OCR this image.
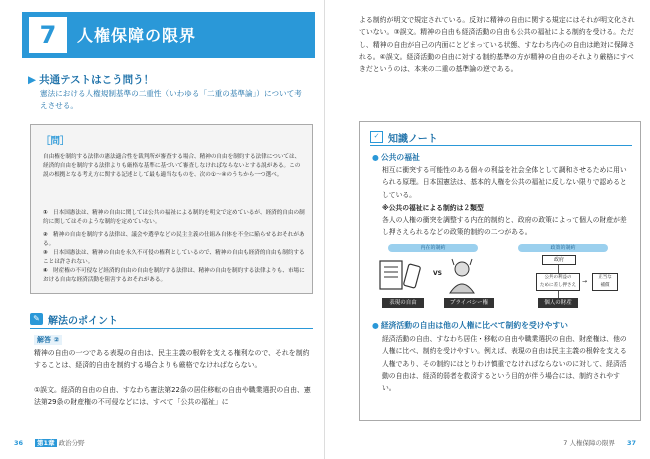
7	人権保障の限界
▶ 共通テストはこう問う！
憲法における人権規制基準の二重性（いわゆる「二重の基準論」）について考えさせる。
［問］
自由権を制約する法律の憲法適合性を裁判所が審査する場合、精神の自由を制約する法律については、経済的自由を制約する法律よりも厳格な基準に基づいて審査しなければならないとする説がある。この説の根拠となる考え方に関する記述として最も適当なものを、次の①～④のうちから一つ選べ。
① 日本国憲法は、精神の自由に関しては公共の福祉による制約を明文で定めているが、経済的自由の制約に関してはそのような制約を定めていない。
② 精神の自由を制約する法律は、議会や選挙などの民主主義の仕組み自体を不全に陥らせるおそれがある。
③ 日本国憲法は、精神の自由を永久不可侵の権利としているので、精神の自由も経済的自由も制約することは許されない。
④ 財産権の不可侵など経済的自由の自由を制約する法律は、精神の自由を制約する法律よりも、市場における自由な経済活動を阻害するおそれがある。
✎ 解法のポイント
解答 ②
精神の自由の一つである表現の自由は、民主主義の根幹を支える権利なので、それを制約することは、経済的自由を制約する場合よりも厳格でなければならない。
①誤文。経済的自由の自由、すなわち憲法第22条の居住移転の自由や職業選択の自由、憲法第29条の財産権の不可侵などには、すべて「公共の福祉」に
36 第1章 政治分野
よる制約が明文で規定されている。反対に精神の自由に関する規定にはそれが明文化されていない。③誤文。精神の自由も経済活動の自由も公共の福祉による制約を受ける。ただし、精神の自由が自己の内面にとどまっている状態、すなわち内心の自由は絶対に保障される。④誤文。経済活動の自由に対する制約基準の方が精神の自由のそれより厳格にすべきだというのは、本来の二重の基準論の逆である。
✓ 知識ノート
● 公共の福祉
相互に衝突する可能性のある個々の利益を社会全体として調和させるために用いられる原理。日本国憲法は、基本的人権を公共の福祉に反しない限りで認めるとしている。
※公共の福祉による制約は２類型
各人の人権の衝突を調整する内在的制約と、政府の政策によって個人の財産が差し押さえられるなどの政策的制約の二つがある。
内在的制約	政策的制約
VS
表現の自由	プライバシー権
政府
公共の利益の
ために差し押さえ
→
正当な
補償
個人の財産
● 経済活動の自由は他の人権に比べて制約を受けやすい
経済活動の自由、すなわち居住・移転の自由や職業選択の自由、財産権は、他の人権に比べ、制約を受けやすい。例えば、表現の自由は民主主義の根幹を支える人権であり、その制約にはとりわけ慎重でなければならないのに対して、経済活動の自由は、経済的弱者を救済するという目的が伴う場合には、制約されやすい。
7 人権保障の限界 37
